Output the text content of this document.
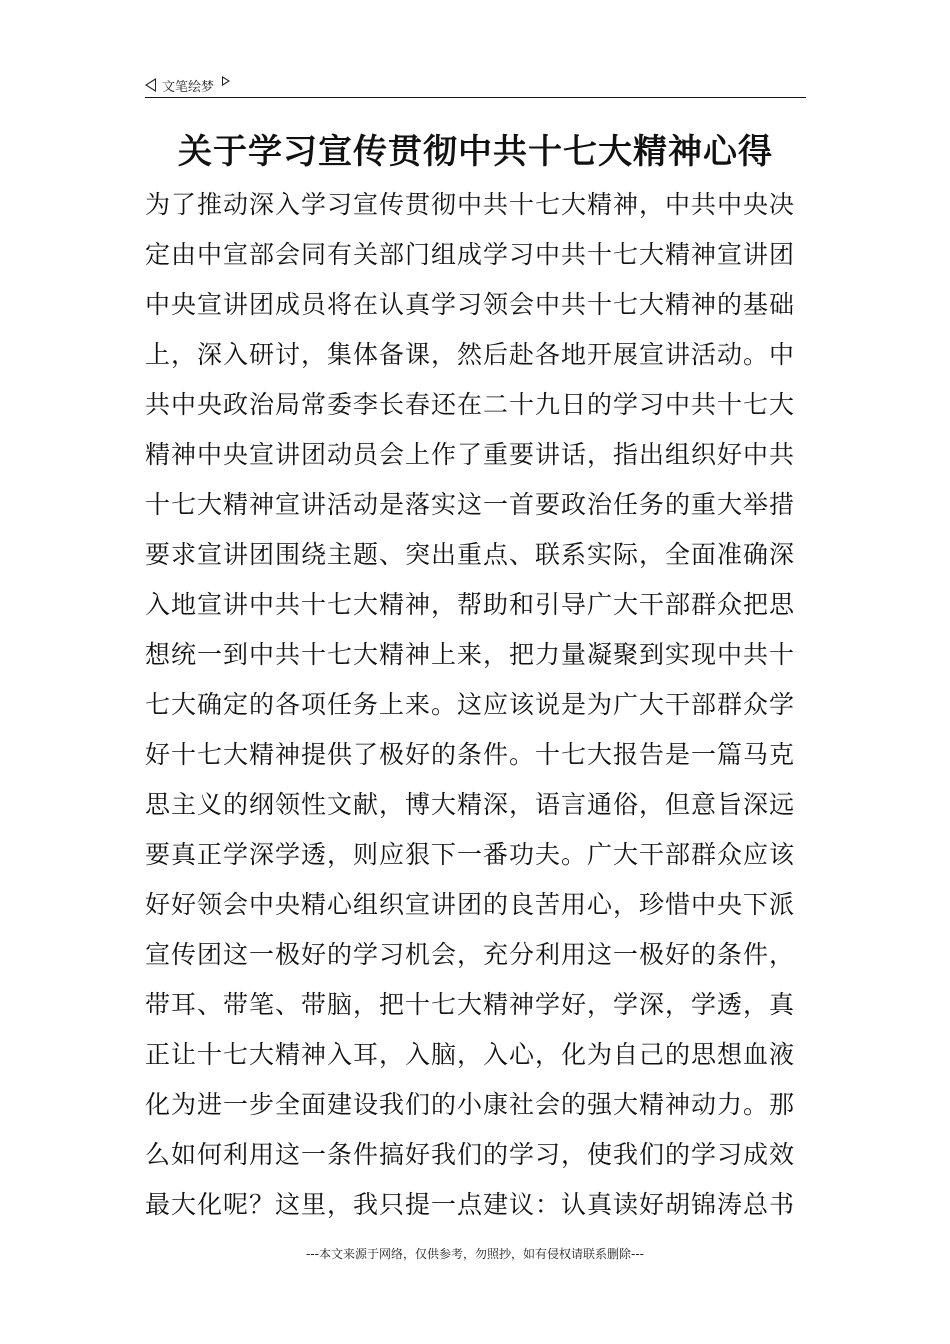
文笔绘梦
关于学习宣传贯彻中共十七大精神心得
为了推动深入学习宣传贯彻中共十七大精神，中共中央决
定由中宣部会同有关部门组成学习中共十七大精神宣讲团
中央宣讲团成员将在认真学习领会中共十七大精神的基础
上，深入研讨，集体备课，然后赴各地开展宣讲活动。中
共中央政治局常委李长春还在二十九日的学习中共十七大
精神中央宣讲团动员会上作了重要讲话，指出组织好中共
十七大精神宣讲活动是落实这一首要政治任务的重大举措
要求宣讲团围绕主题、突出重点、联系实际，全面准确深
入地宣讲中共十七大精神，帮助和引导广大干部群众把思
想统一到中共十七大精神上来，把力量凝聚到实现中共十
七大确定的各项任务上来。这应该说是为广大干部群众学
好十七大精神提供了极好的条件。十七大报告是一篇马克
思主义的纲领性文献，博大精深，语言通俗，但意旨深远
要真正学深学透，则应狠下一番功夫。广大干部群众应该
好好领会中央精心组织宣讲团的良苦用心，珍惜中央下派
宣传团这一极好的学习机会，充分利用这一极好的条件，
带耳、带笔、带脑，把十七大精神学好，学深，学透，真
正让十七大精神入耳，入脑，入心，化为自己的思想血液
化为进一步全面建设我们的小康社会的强大精神动力。那
么如何利用这一条件搞好我们的学习，使我们的学习成效
最大化呢？这里，我只提一点建议：认真读好胡锦涛总书
---本文来源于网络，仅供参考，勿照抄，如有侵权请联系删除---
